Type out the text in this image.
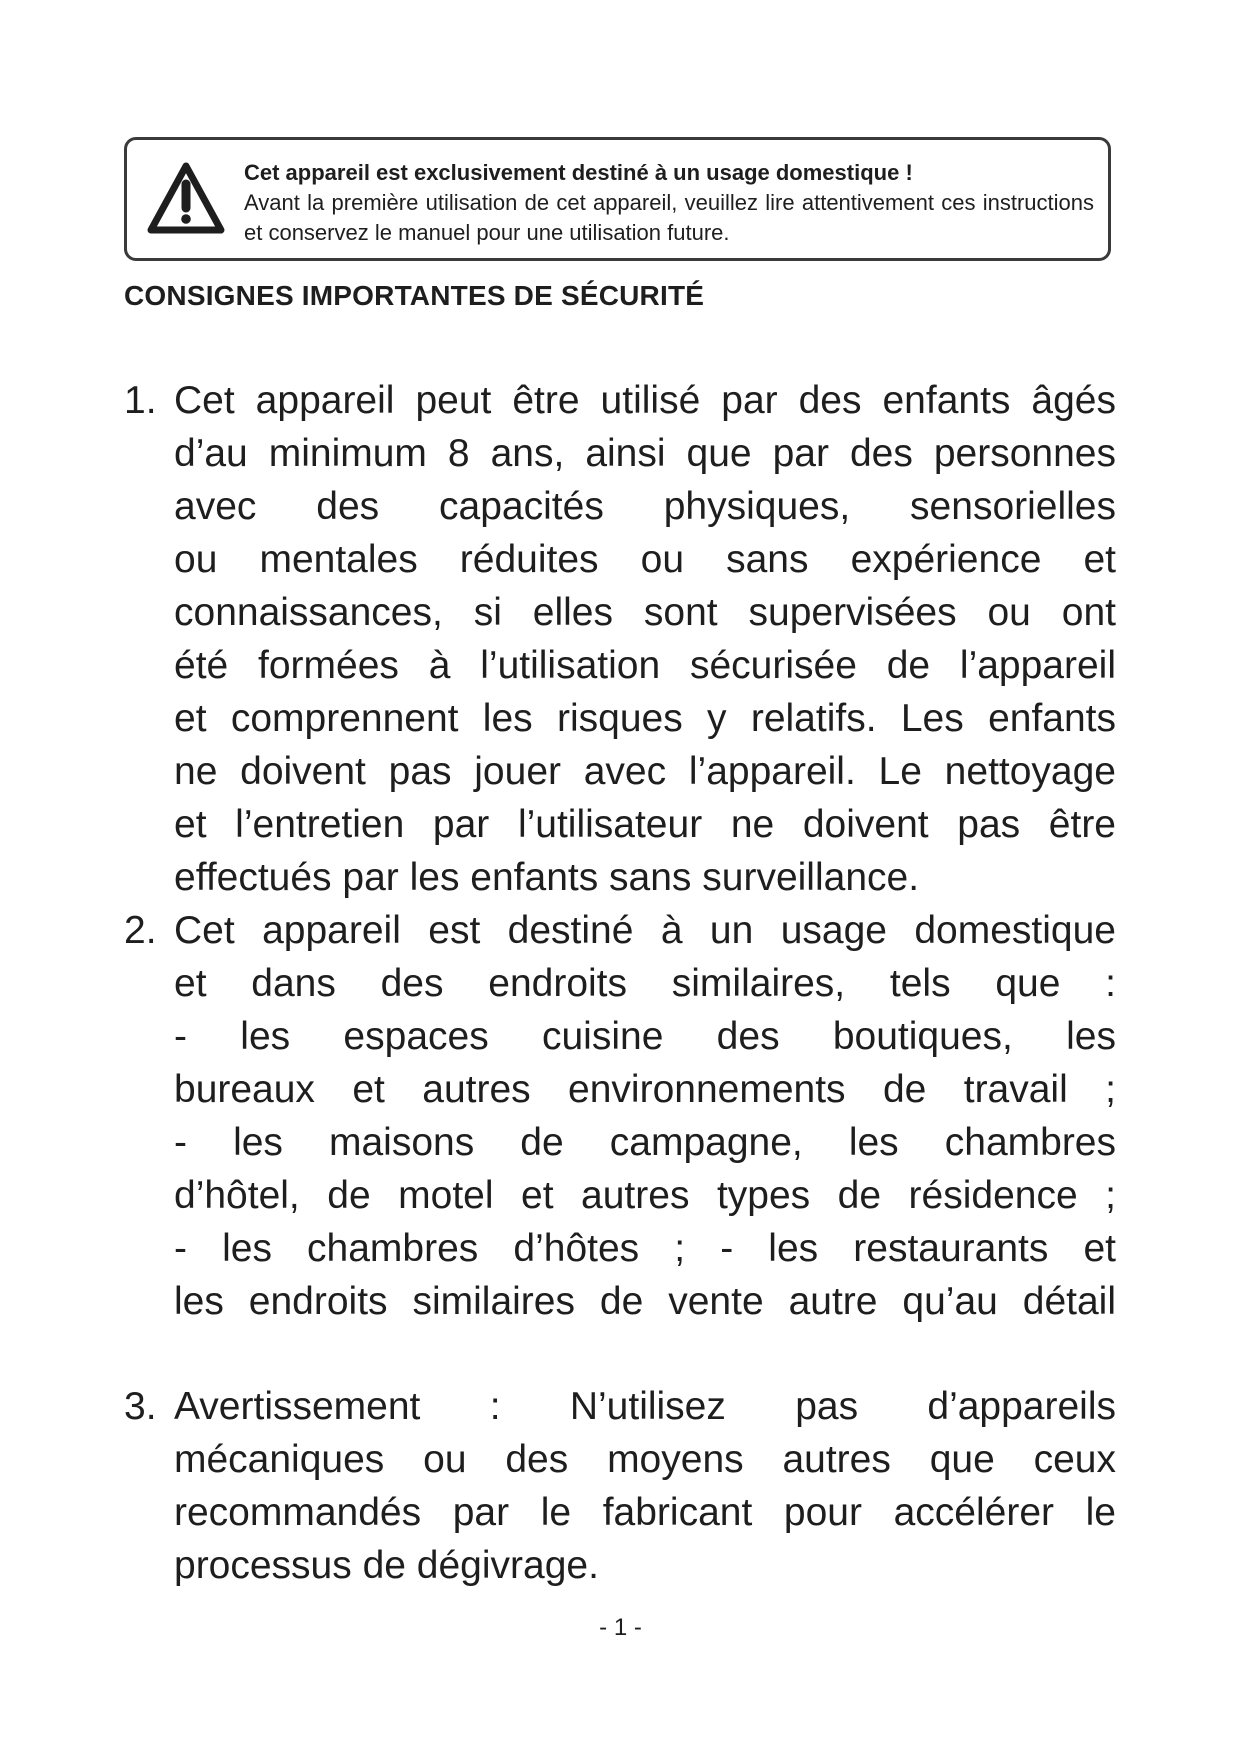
Cet appareil est exclusivement destiné à un usage domestique !
Avant la première utilisation de cet appareil, veuillez lire attentivement ces instructions et conservez le manuel pour une utilisation future.
CONSIGNES IMPORTANTES DE SÉCURITÉ
1. Cet appareil peut être utilisé par des enfants âgés
d’au minimum 8 ans, ainsi que par des personnes
avec des capacités physiques, sensorielles
ou mentales réduites ou sans expérience et
connaissances, si elles sont supervisées ou ont
été formées à l’utilisation sécurisée de l’appareil
et comprennent les risques y relatifs. Les enfants
ne doivent pas jouer avec l’appareil. Le nettoyage
et l’entretien par l’utilisateur ne doivent pas être
effectués par les enfants sans surveillance.
2. Cet appareil est destiné à un usage domestique
et dans des endroits similaires, tels que :
- les espaces cuisine des boutiques, les
bureaux et autres environnements de travail ;
- les maisons de campagne, les chambres
d’hôtel, de motel et autres types de résidence ;
- les chambres d’hôtes ; - les restaurants et
les endroits similaires de vente autre qu’au détail
3. Avertissement : N’utilisez pas d’appareils
mécaniques ou des moyens autres que ceux
recommandés par le fabricant pour accélérer le
processus de dégivrage.
- 1 -
